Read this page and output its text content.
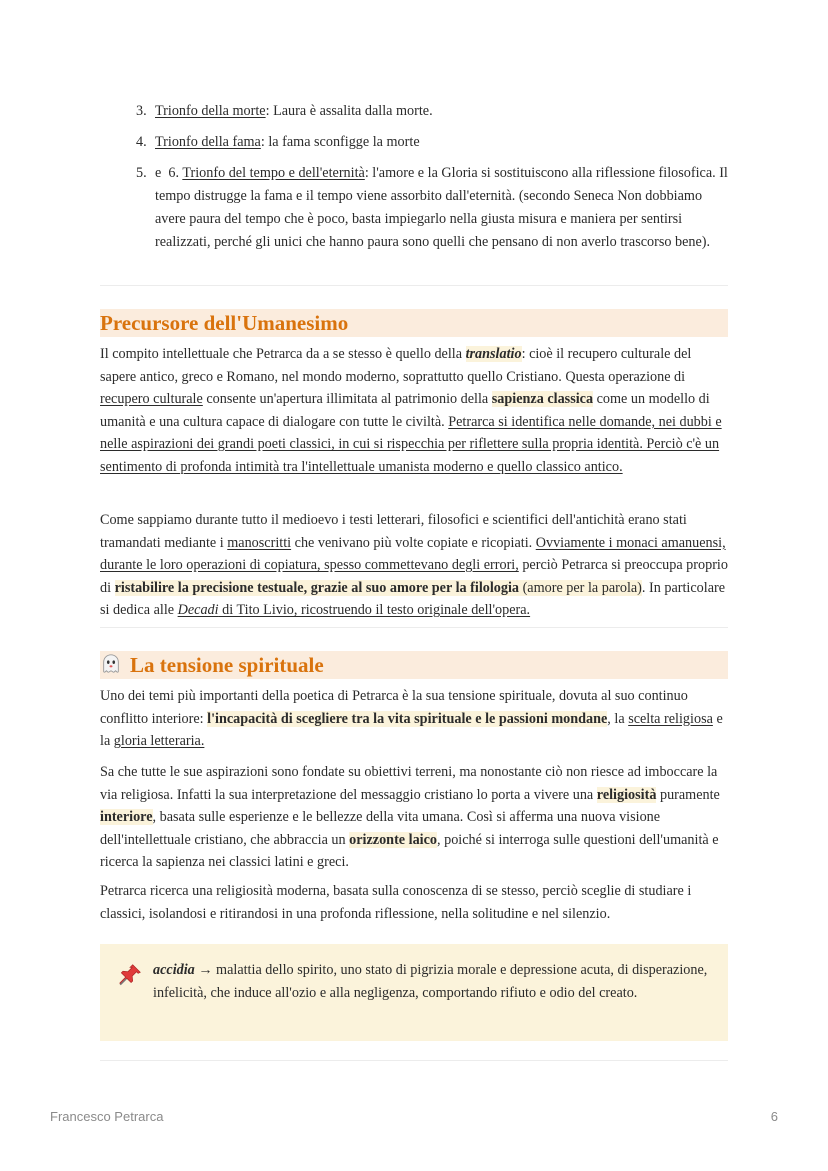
3. Trionfo della morte: Laura è assalita dalla morte.
4. Trionfo della fama: la fama sconfigge la morte
5. e  6. Trionfo del tempo e dell'eternità: l'amore e la Gloria si sostituiscono alla riflessione filosofica. Il tempo distrugge la fama e il tempo viene assorbito dall'eternità. (secondo Seneca Non dobbiamo avere paura del tempo che è poco, basta impiegarlo nella giusta misura e maniera per sentirsi realizzati, perché gli unici che hanno paura sono quelli che pensano di non averlo trascorso bene).
Precursore dell'Umanesimo

Il compito intellettuale che Petrarca da a se stesso è quello della translatio: cioè il recupero culturale del sapere antico, greco e Romano, nel mondo moderno, soprattutto quello Cristiano. Questa operazione di recupero culturale consente un'apertura illimitata al patrimonio della sapienza classica come un modello di umanità e una cultura capace di dialogare con tutte le civiltà. Petrarca si identifica nelle domande, nei dubbi e nelle aspirazioni dei grandi poeti classici, in cui si rispecchia per riflettere sulla propria identità. Perciò c'è un sentimento di profonda intimità tra l'intellettuale umanista moderno e quello classico antico.

Come sappiamo durante tutto il medioevo i testi letterari, filosofici e scientifici dell'antichità erano stati tramandati mediante i manoscritti che venivano più volte copiate e ricopiati. Ovviamente i monaci amanuensi, durante le loro operazioni di copiatura, spesso commettevano degli errori, perciò Petrarca si preoccupa proprio di ristabilire la precisione testuale, grazie al suo amore per la filologia (amore per la parola). In particolare si dedica alle Decadi di Tito Livio, ricostruendo il testo originale dell'opera.

La tensione spirituale

Uno dei temi più importanti della poetica di Petrarca è la sua tensione spirituale, dovuta al suo continuo conflitto interiore: l'incapacità di scegliere tra la vita spirituale e le passioni mondane, la scelta religiosa e la gloria letteraria.

Sa che tutte le sue aspirazioni sono fondate su obiettivi terreni, ma nonostante ciò non riesce ad imboccare la via religiosa. Infatti la sua interpretazione del messaggio cristiano lo porta a vivere una religiosità puramente interiore, basata sulle esperienze e le bellezze della vita umana. Così si afferma una nuova visione dell'intellettuale cristiano, che abbraccia un orizzonte laico, poiché si interroga sulle questioni dell'umanità e ricerca la sapienza nei classici latini e greci.

Petrarca ricerca una religiosità moderna, basata sulla conoscenza di se stesso, perciò sceglie di studiare i classici, isolandosi e ritirandosi in una profonda riflessione, nella solitudine e nel silenzio.

accidia → malattia dello spirito, uno stato di pigrizia morale e depressione acuta, di disperazione, infelicità, che induce all'ozio e alla negligenza, comportando rifiuto e odio del creato.
Francesco Petrarca	6
